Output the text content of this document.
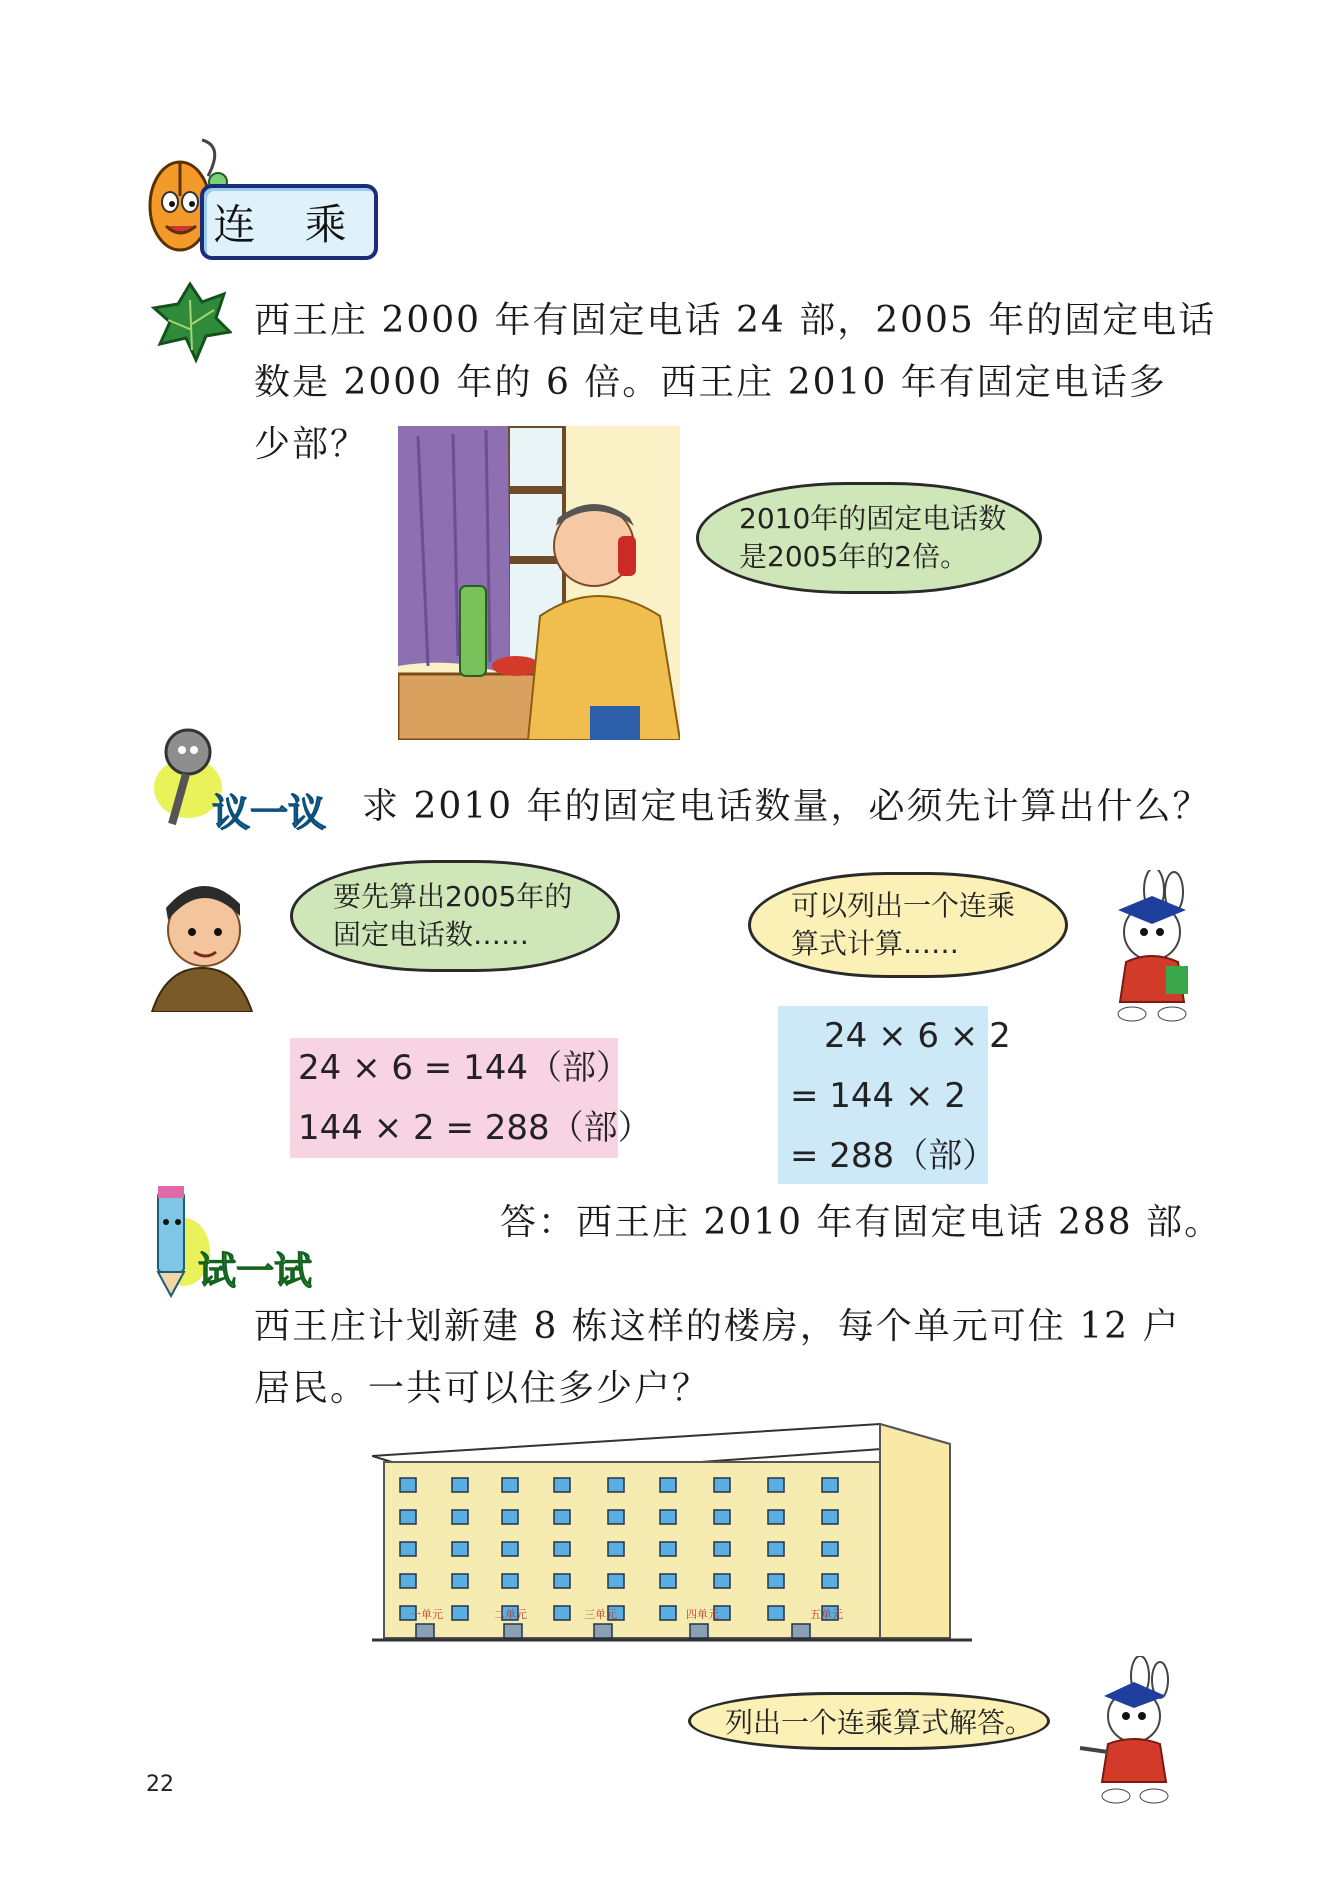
连 乘
西王庄 2000 年有固定电话 24 部，2005 年的固定电话
数是 2000 年的 6 倍。西王庄 2010 年有固定电话多
少部？
2010年的固定电话数
是2005年的2倍。
议一议 求 2010 年的固定电话数量，必须先计算出什么？
要先算出2005年的
固定电话数……
可以列出一个连乘
算式计算……
24 × 6 = 144（部）
144 × 2 = 288（部）
24 × 6 × 2
= 144 × 2
= 288（部）
答：西王庄 2010 年有固定电话 288 部。
试一试
西王庄计划新建 8 栋这样的楼房，每个单元可住 12 户
居民。一共可以住多少户？
一单元	二单元	三单元	四单元	五单元
列出一个连乘算式解答。
22
